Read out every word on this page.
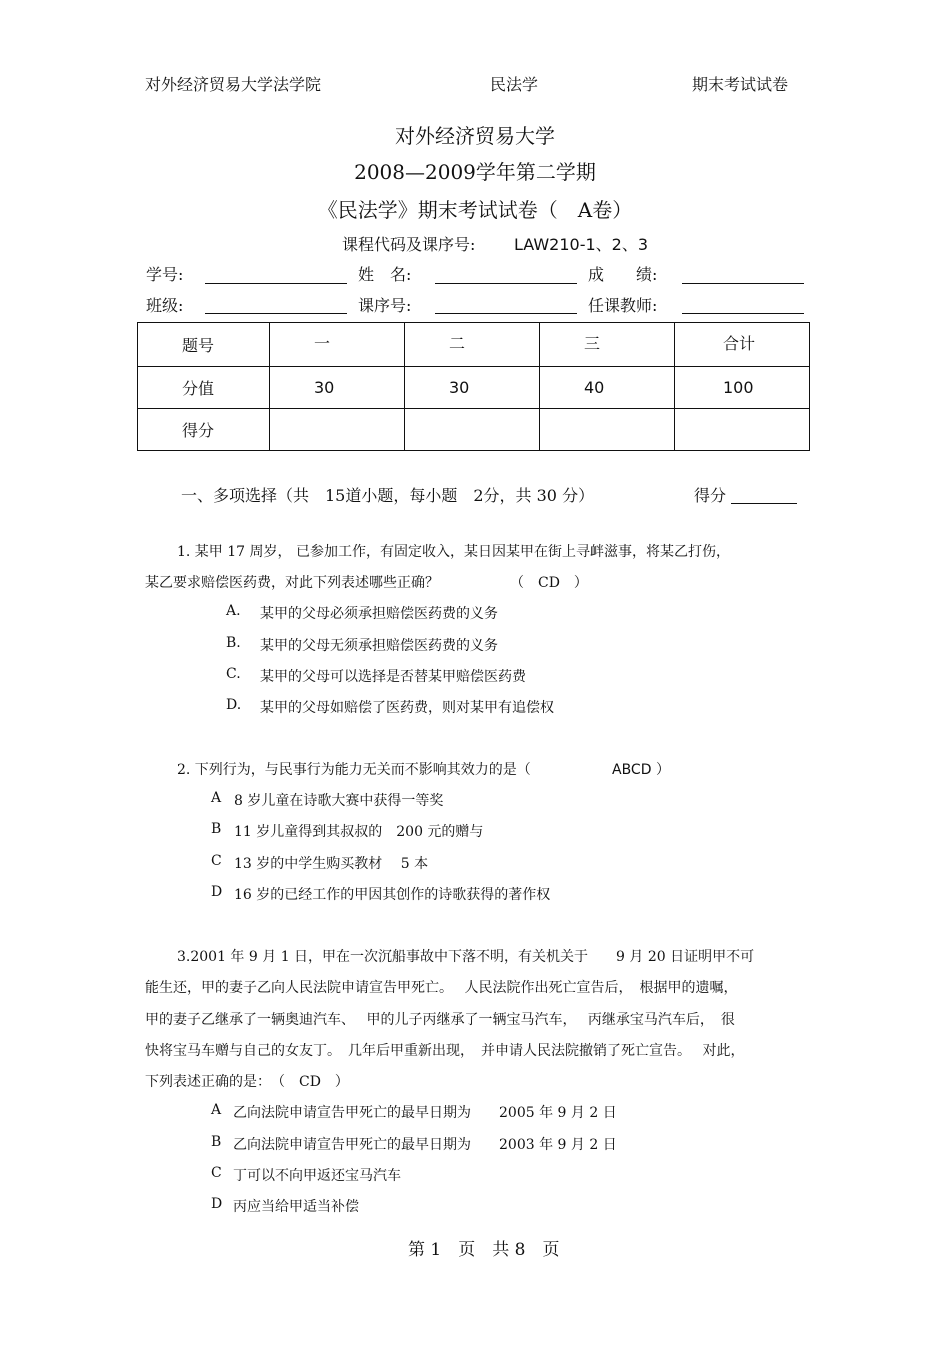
对外经济贸易大学法学院	民法学	期末考试试卷
对外经济贸易大学
2008—2009学年第二学期
《民法学》期末考试试卷（　A卷）
课程代码及课序号: LAW210-1、2、3
学号:	姓　名:	成　　绩:
班级:	课序号:	任课教师:
题号	一	二	三	合计
分值	30	30	40	100
得分				
一、多项选择（共　15道小题，每小题　2分，共 30 分）	得分
1. 某甲 17 周岁， 已参加工作，有固定收入，某日因某甲在街上寻衅滋事，将某乙打伤，
某乙要求赔偿医药费，对此下列表述哪些正确？	（　CD　）
A. 某甲的父母必须承担赔偿医药费的义务
B. 某甲的父母无须承担赔偿医药费的义务
C. 某甲的父母可以选择是否替某甲赔偿医药费
D. 某甲的父母如赔偿了医药费，则对某甲有追偿权
2. 下列行为，与民事行为能力无关而不影响其效力的是（	ABCD ）
A 8 岁儿童在诗歌大赛中获得一等奖
B 11 岁儿童得到其叔叔的　200 元的赠与
C 13 岁的中学生购买教材　 5 本
D 16 岁的已经工作的甲因其创作的诗歌获得的著作权
3.2001 年 9 月 1 日，甲在一次沉船事故中下落不明，有关机关于　　9 月 20 日证明甲不可
能生还，甲的妻子乙向人民法院申请宣告甲死亡。　 人民法院作出死亡宣告后，　根据甲的遗嘱，
甲的妻子乙继承了一辆奥迪汽车、　 甲的儿子丙继承了一辆宝马汽车，　 丙继承宝马汽车后，　很
快将宝马车赠与自己的女友丁。　几年后甲重新出现，　并申请人民法院撤销了死亡宣告。　 对此，
下列表述正确的是：　（　CD　）
A 乙向法院申请宣告甲死亡的最早日期为　　2005 年 9 月 2 日
B 乙向法院申请宣告甲死亡的最早日期为　　2003 年 9 月 2 日
C 丁可以不向甲返还宝马汽车
D 丙应当给甲适当补偿
第 1　页　共 8　页
